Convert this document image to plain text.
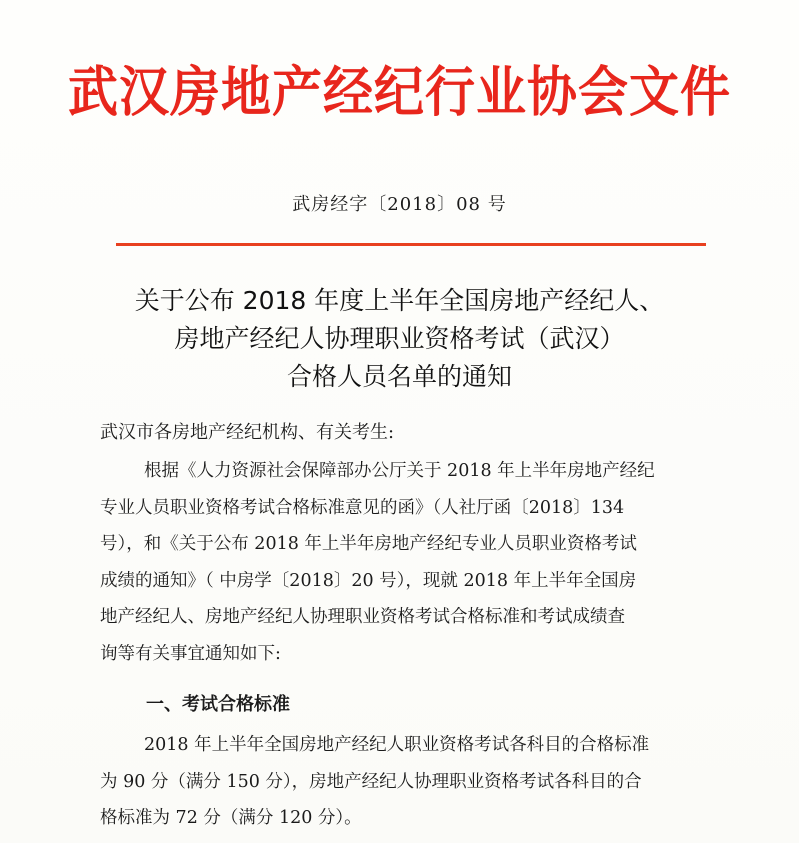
武汉房地产经纪行业协会文件
武房经字〔2018〕08 号
关于公布 2018 年度上半年全国房地产经纪人、
房地产经纪人协理职业资格考试（武汉）
合格人员名单的通知
武汉市各房地产经纪机构、有关考生:
根据《人力资源社会保障部办公厅关于 2018 年上半年房地产经纪
专业人员职业资格考试合格标准意见的函》（人社厅函〔2018〕134
号），和《关于公布 2018 年上半年房地产经纪专业人员职业资格考试
成绩的通知》（ 中房学〔2018〕20 号），现就 2018 年上半年全国房
地产经纪人、房地产经纪人协理职业资格考试合格标准和考试成绩查
询等有关事宜通知如下:
一、考试合格标准
2018 年上半年全国房地产经纪人职业资格考试各科目的合格标准
为 90 分（满分 150 分），房地产经纪人协理职业资格考试各科目的合
格标准为 72 分（满分 120 分）。
